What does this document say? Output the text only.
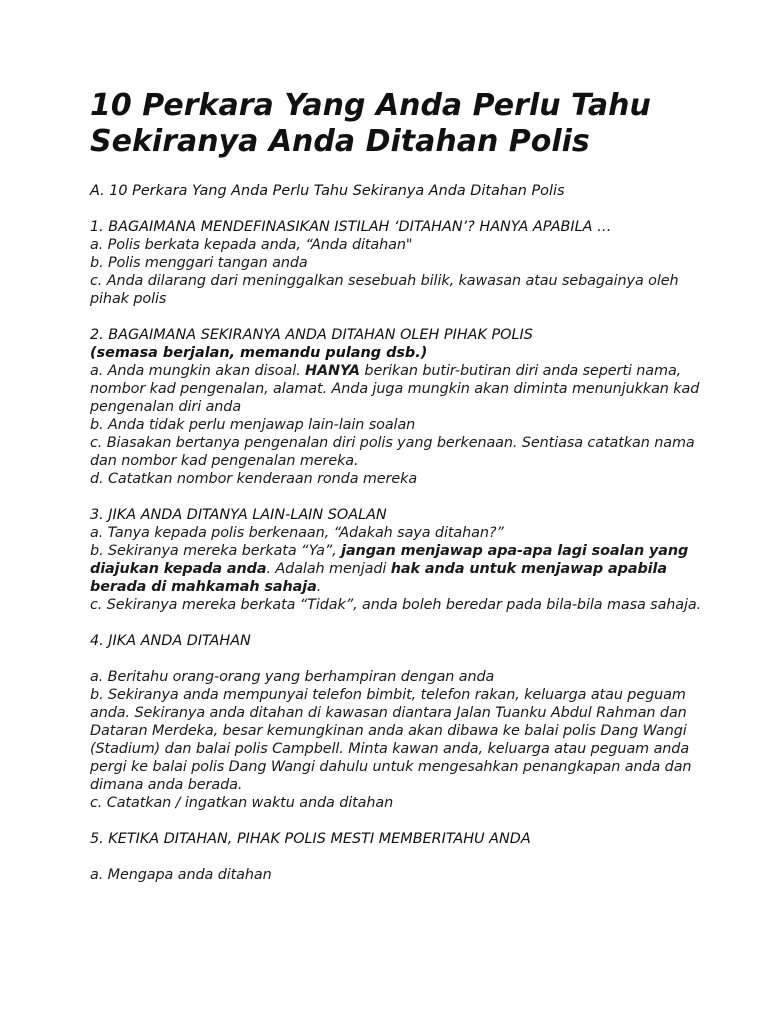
10 Perkara Yang Anda Perlu Tahu Sekiranya Anda Ditahan Polis

A. 10 Perkara Yang Anda Perlu Tahu Sekiranya Anda Ditahan Polis

1. BAGAIMANA MENDEFINASIKAN ISTILAH ‘DITAHAN’? HANYA APABILA …
a. Polis berkata kepada anda, “Anda ditahan"
b. Polis menggari tangan anda
c. Anda dilarang dari meninggalkan sesebuah bilik, kawasan atau sebagainya oleh pihak polis
2. BAGAIMANA SEKIRANYA ANDA DITAHAN OLEH PIHAK POLIS
(semasa berjalan, memandu pulang dsb.)
a. Anda mungkin akan disoal. HANYA berikan butir-butiran diri anda seperti nama, nombor kad pengenalan, alamat. Anda juga mungkin akan diminta menunjukkan kad pengenalan diri anda
b. Anda tidak perlu menjawap lain-lain soalan
c. Biasakan bertanya pengenalan diri polis yang berkenaan. Sentiasa catatkan nama dan nombor kad pengenalan mereka.
d. Catatkan nombor kenderaan ronda mereka
3. JIKA ANDA DITANYA LAIN-LAIN SOALAN
a. Tanya kepada polis berkenaan, “Adakah saya ditahan?”
b. Sekiranya mereka berkata “Ya”, jangan menjawap apa-apa lagi soalan yang diajukan kepada anda. Adalah menjadi hak anda untuk menjawap apabila berada di mahkamah sahaja.
c. Sekiranya mereka berkata “Tidak”, anda boleh beredar pada bila-bila masa sahaja.
4. JIKA ANDA DITAHAN
a. Beritahu orang-orang yang berhampiran dengan anda
b. Sekiranya anda mempunyai telefon bimbit, telefon rakan, keluarga atau peguam anda. Sekiranya anda ditahan di kawasan diantara Jalan Tuanku Abdul Rahman dan Dataran Merdeka, besar kemungkinan anda akan dibawa ke balai polis Dang Wangi (Stadium) dan balai polis Campbell. Minta kawan anda, keluarga atau peguam anda pergi ke balai polis Dang Wangi dahulu untuk mengesahkan penangkapan anda dan dimana anda berada.
c. Catatkan / ingatkan waktu anda ditahan
5. KETIKA DITAHAN, PIHAK POLIS MESTI MEMBERITAHU ANDA
a. Mengapa anda ditahan
